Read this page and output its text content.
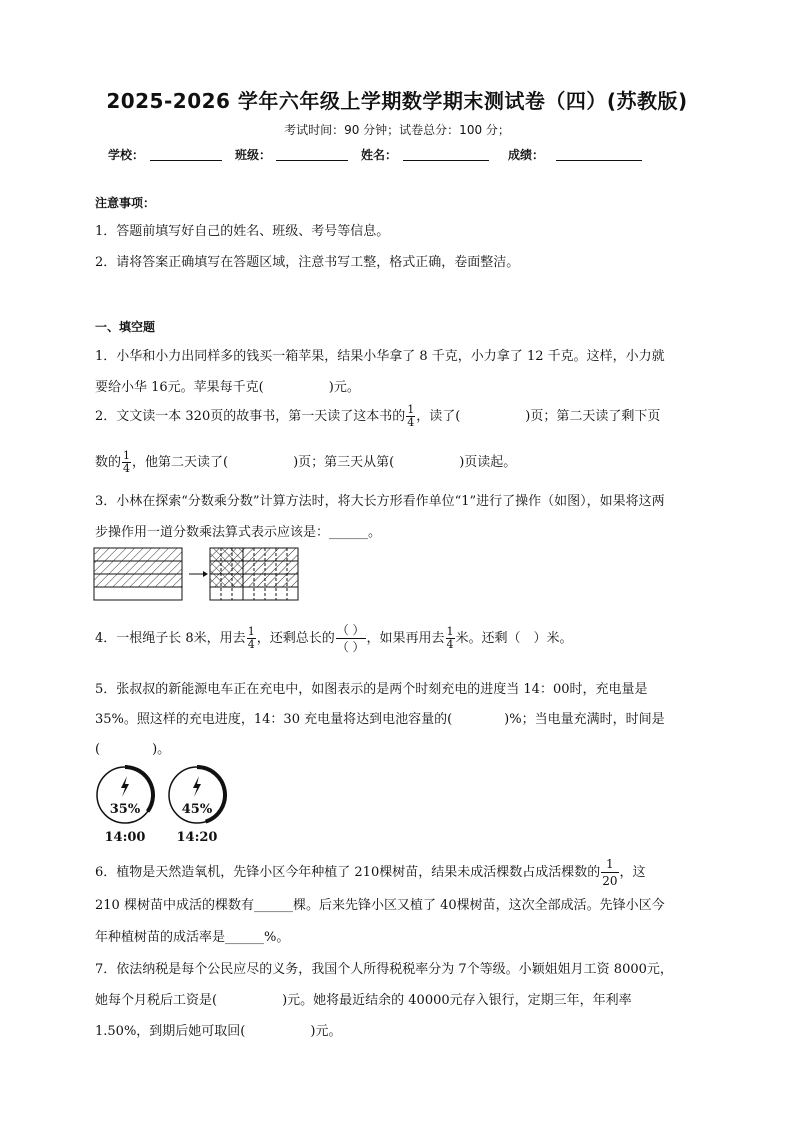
2025-2026 学年六年级上学期数学期末测试卷（四）(苏教版)
考试时间：90 分钟；试卷总分：100 分；
学校：	班级：	姓名：	成绩：
注意事项：
1．答题前填写好自己的姓名、班级、考号等信息。
2．请将答案正确填写在答题区域，注意书写工整，格式正确，卷面整洁。
一、填空题
1．小华和小力出同样多的钱买一箱苹果，结果小华拿了 8 千克，小力拿了 12 千克。这样，小力就
要给小华 16元。苹果每千克(　　　　　)元。
2．文文读一本 320页的故事书，第一天读了这本书的 $\frac{1}{4}$ ，读了(　　　　　)页；第二天读了剩下页
数的 $\frac{1}{4}$ ，他第二天读了(　　　　　)页；第三天从第(　　　　　)页读起。
3．小林在探索“分数乘分数”计算方法时，将大长方形看作单位“1”进行了操作（如图），如果将这两
步操作用一道分数乘法算式表示应该是：______。
4．一根绳子长 8米，用去 $\frac{1}{4}$ ，还剩总长的 $\frac{( )}{( )}$ ，如果再用去 $\frac{1}{4}$ 米。还剩（　）米。
5．张叔叔的新能源电车正在充电中，如图表示的是两个时刻充电的进度当 14：00时，充电量是
35%。照这样的充电进度，14：30 充电量将达到电池容量的(　　　　)%；当电量充满时，时间是
(　　　　)。
35%
14:00
45%
14:20
6．植物是天然造氧机，先锋小区今年种植了 210棵树苗，结果未成活棵数占成活棵数的 $\frac{1}{20}$ ，这
210 棵树苗中成活的棵数有______棵。后来先锋小区又植了 40棵树苗，这次全部成活。先锋小区今
年种植树苗的成活率是______%。
7．依法纳税是每个公民应尽的义务，我国个人所得税税率分为 7个等级。小颖姐姐月工资 8000元，
她每个月税后工资是(　　　　　)元。她将最近结余的 40000元存入银行，定期三年，年利率
1.50%，到期后她可取回(　　　　　)元。
